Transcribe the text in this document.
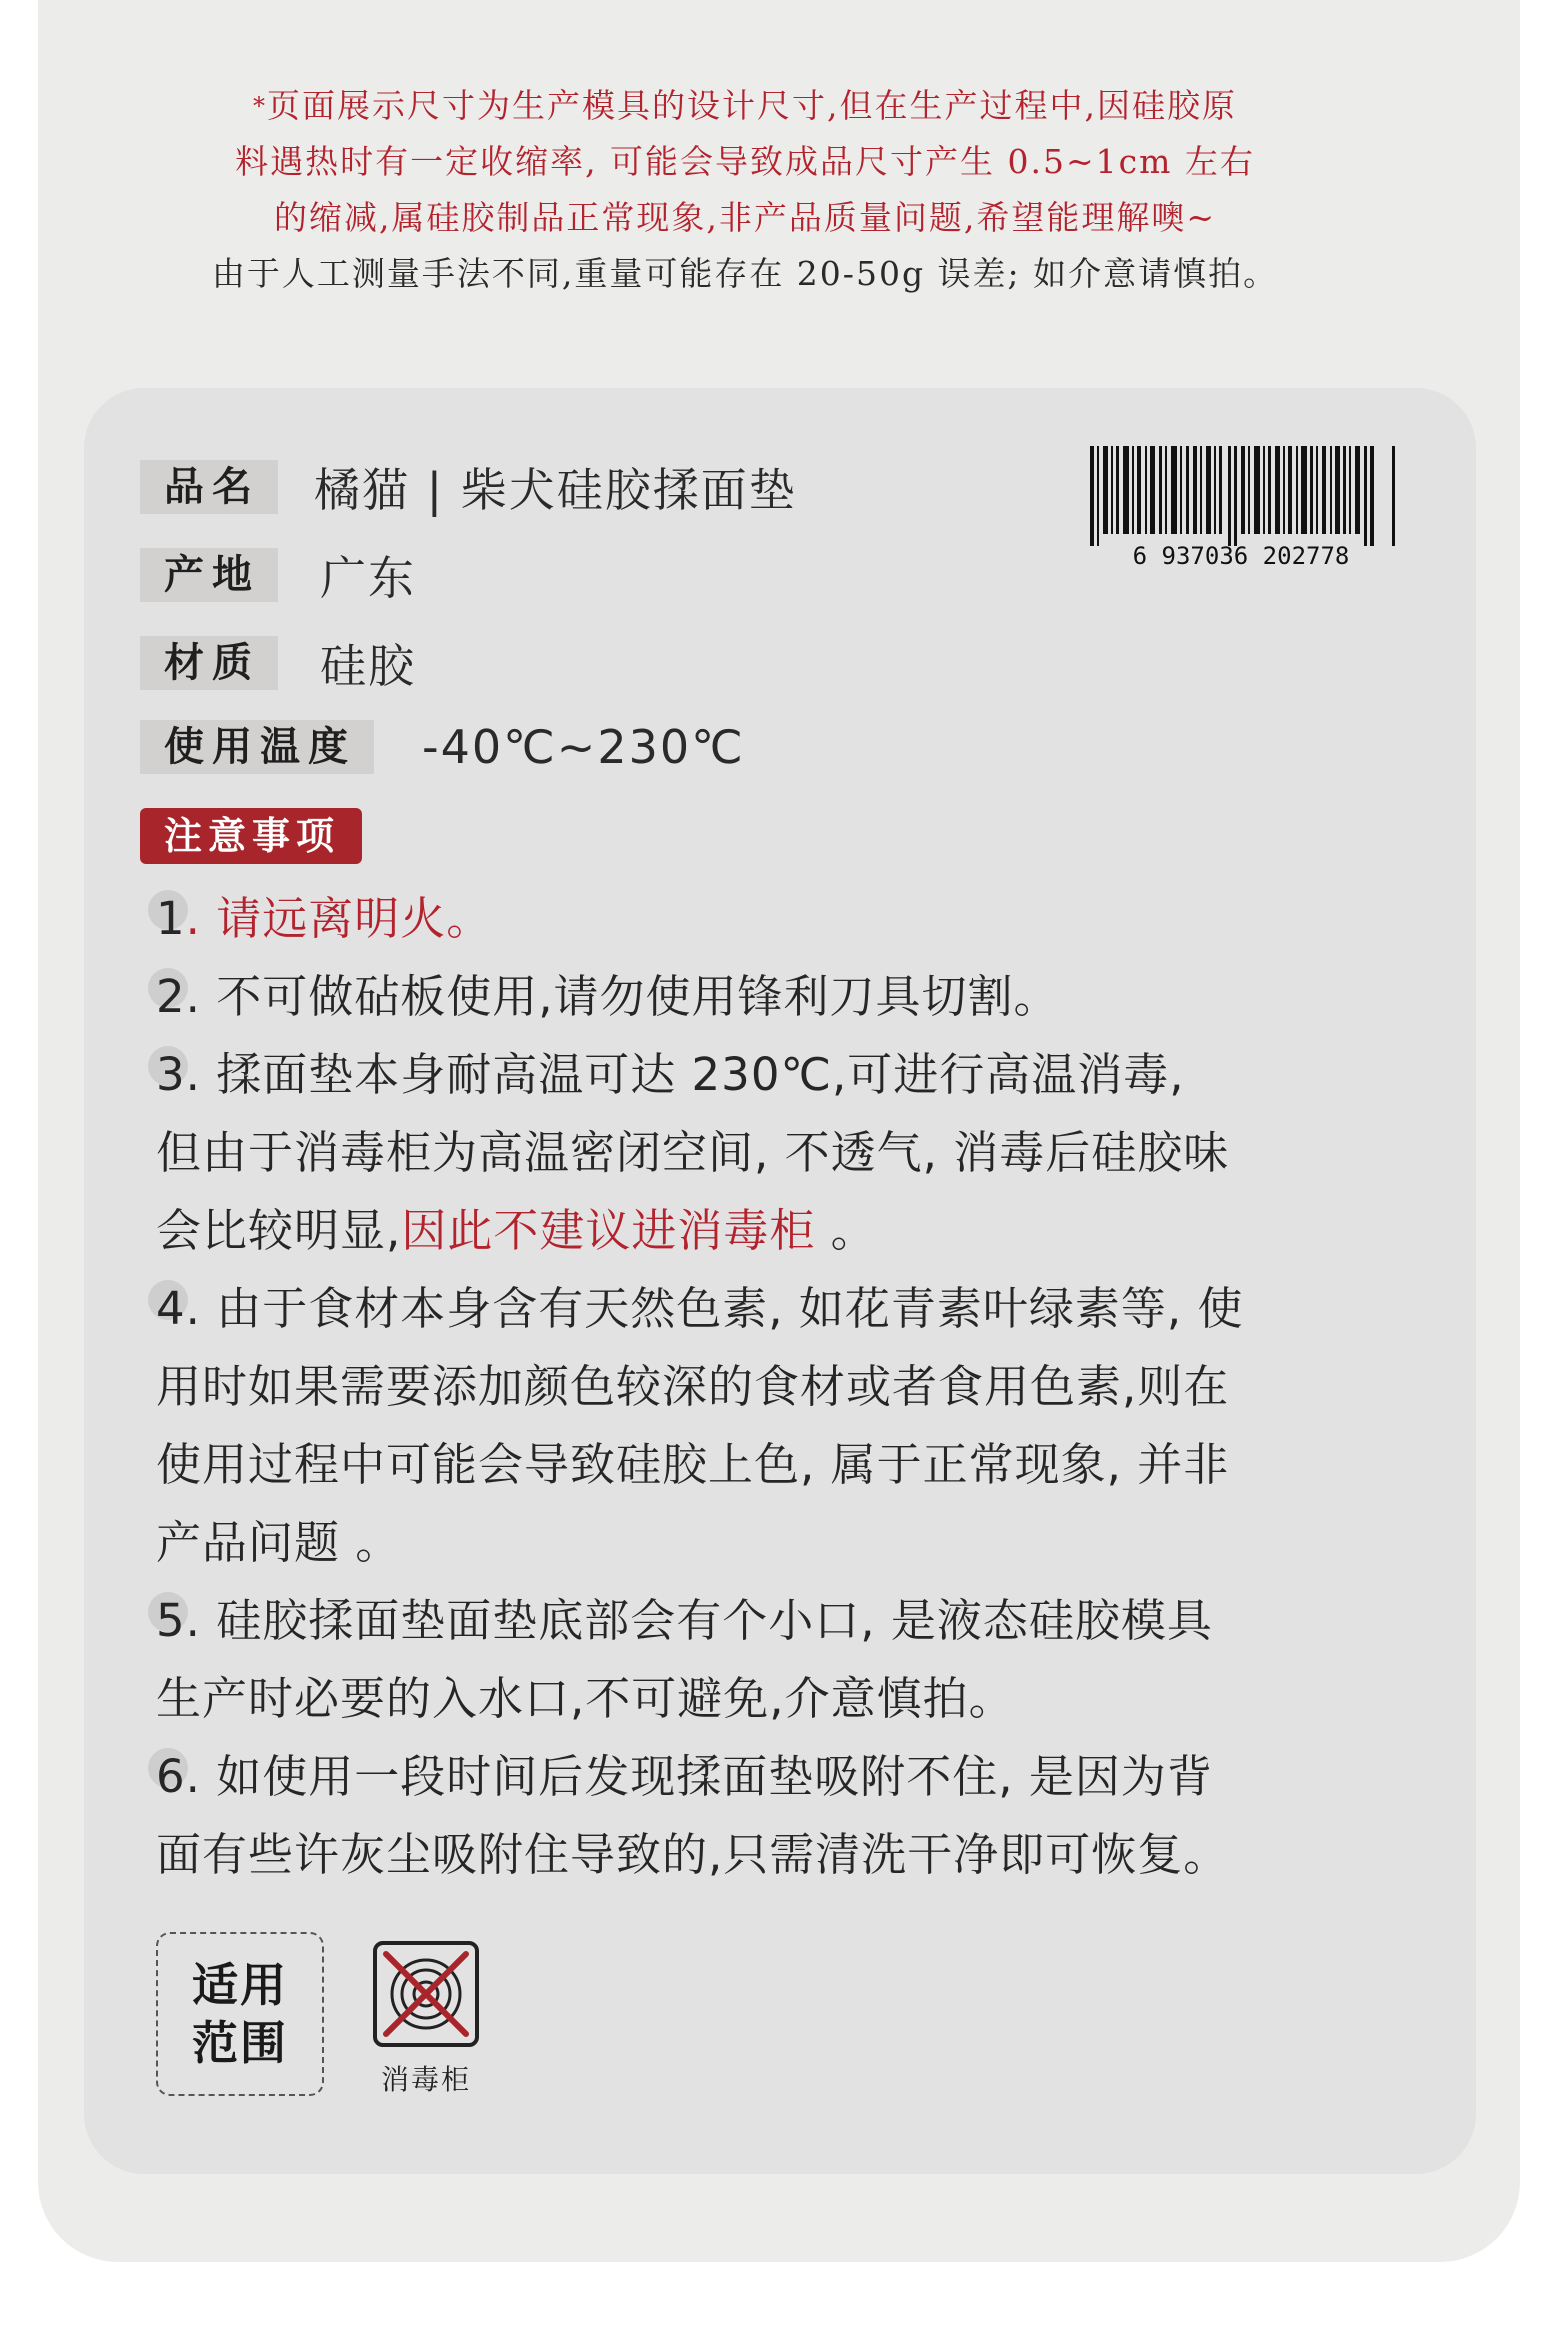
*页面展示尺寸为生产模具的设计尺寸,但在生产过程中,因硅胶原
料遇热时有一定收缩率, 可能会导致成品尺寸产生 0.5~1cm 左右
的缩减,属硅胶制品正常现象,非产品质量问题,希望能理解噢~
由于人工测量手法不同,重量可能存在 20-50g 误差; 如介意请慎拍。
品名	橘猫 | 柴犬硅胶揉面垫
产地	广东
材质	硅胶
使用温度	-40℃~230℃
6 937036 202778
注意事项

1. 请远离明火。

2. 不可做砧板使用,请勿使用锋利刀具切割。

3. 揉面垫本身耐高温可达 230℃,可进行高温消毒,
但由于消毒柜为高温密闭空间, 不透气, 消毒后硅胶味
会比较明显,因此不建议进消毒柜 。

4. 由于食材本身含有天然色素, 如花青素叶绿素等, 使
用时如果需要添加颜色较深的食材或者食用色素,则在
使用过程中可能会导致硅胶上色, 属于正常现象, 并非
产品问题 。

5. 硅胶揉面垫面垫底部会有个小口, 是液态硅胶模具
生产时必要的入水口,不可避免,介意慎拍。

6. 如使用一段时间后发现揉面垫吸附不住, 是因为背
面有些许灰尘吸附住导致的,只需清洗干净即可恢复。

适用
范围
消毒柜
